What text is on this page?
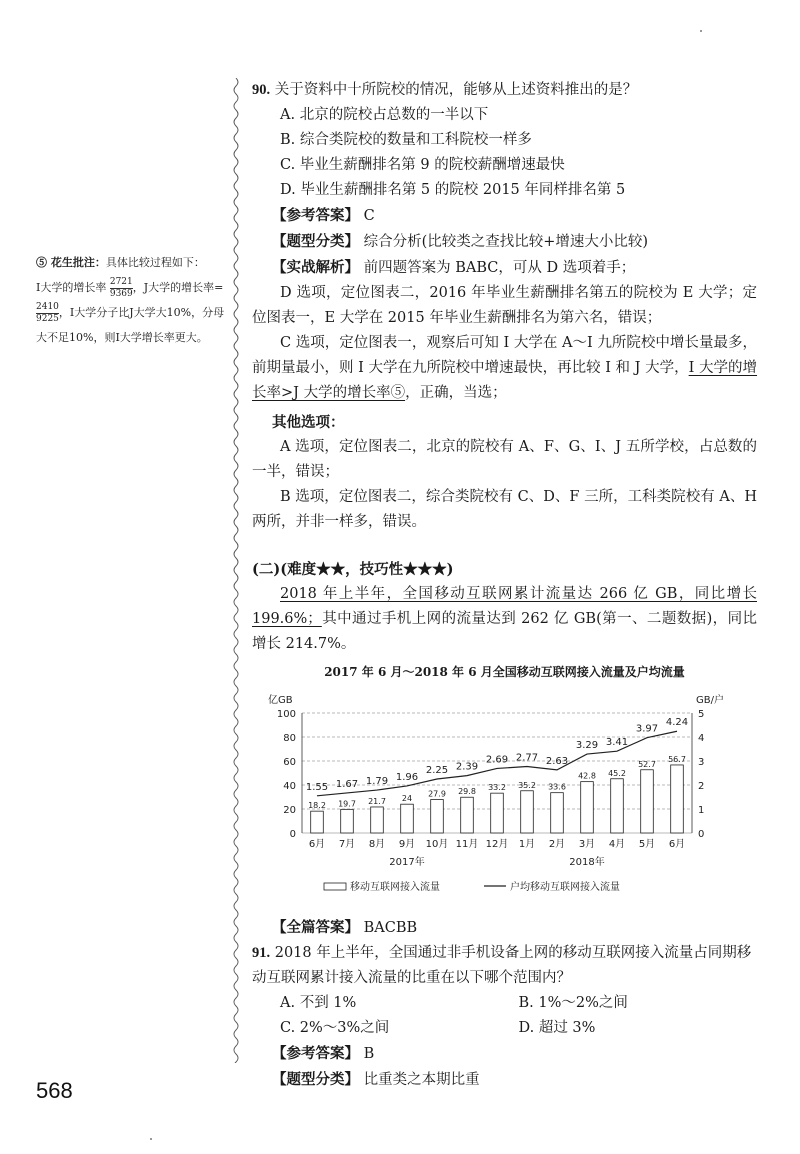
⑤ 花生批注：具体比较过程如下：
I大学的增长率 $\frac{2721}{9369}$ ，J大学的增长率=
$\frac{2410}{9225}$ ，I大学分子比J大学大10%，分母大不足10%，则I大学增长率更大。
90. 关于资料中十所院校的情况，能够从上述资料推出的是？
A. 北京的院校占总数的一半以下
B. 综合类院校的数量和工科院校一样多
C. 毕业生薪酬排名第 9 的院校薪酬增速最快
D. 毕业生薪酬排名第 5 的院校 2015 年同样排名第 5
【参考答案】 C
【题型分类】 综合分析(比较类之查找比较+增速大小比较)
【实战解析】 前四题答案为 BABC，可从 D 选项着手；
D 选项，定位图表二，2016 年毕业生薪酬排名第五的院校为 E 大学；定位图表一，E 大学在 2015 年毕业生薪酬排名为第六名，错误；
C 选项，定位图表一，观察后可知 I 大学在 A～I 九所院校中增长量最多，前期量最小，则 I 大学在九所院校中增速最快，再比较 I 和 J 大学，I 大学的增长率>J 大学的增长率⑤，正确，当选；
其他选项：
A 选项，定位图表二，北京的院校有 A、F、G、I、J 五所学校，占总数的一半，错误；
B 选项，定位图表二，综合类院校有 C、D、F 三所，工科类院校有 A、H 两所，并非一样多，错误。
(二)(难度★★，技巧性★★★)
2018 年上半年，全国移动互联网累计流量达 266 亿 GB，同比增长 199.6%；其中通过手机上网的流量达到 262 亿 GB(第一、二题数据)，同比增长 214.7%。
2017 年 6 月～2018 年 6 月全国移动互联网接入流量及户均流量
亿GB	GB/户
0
20
40
60
80
100
0
1
2
3
4
5
18.2
6月
19.7
7月
21.7
8月
24
9月
27.9
10月
29.8
11月
33.2
12月
35.2
1月
33.6
2月
42.8
3月
45.2
4月
52.7
5月
56.7
6月
1.55 1.67 1.79 1.96
2.25 2.39
2.69 2.77 2.63
3.29 3.41
3.97
4.24
2017年	2018年
移动互联网接入流量	户均移动互联网接入流量
【全篇答案】 BACBB
91. 2018 年上半年，全国通过非手机设备上网的移动互联网接入流量占同期移动互联网累计接入流量的比重在以下哪个范围内？
A. 不到 1%	B. 1%～2%之间
C. 2%～3%之间	D. 超过 3%
【参考答案】 B
【题型分类】 比重类之本期比重
568
